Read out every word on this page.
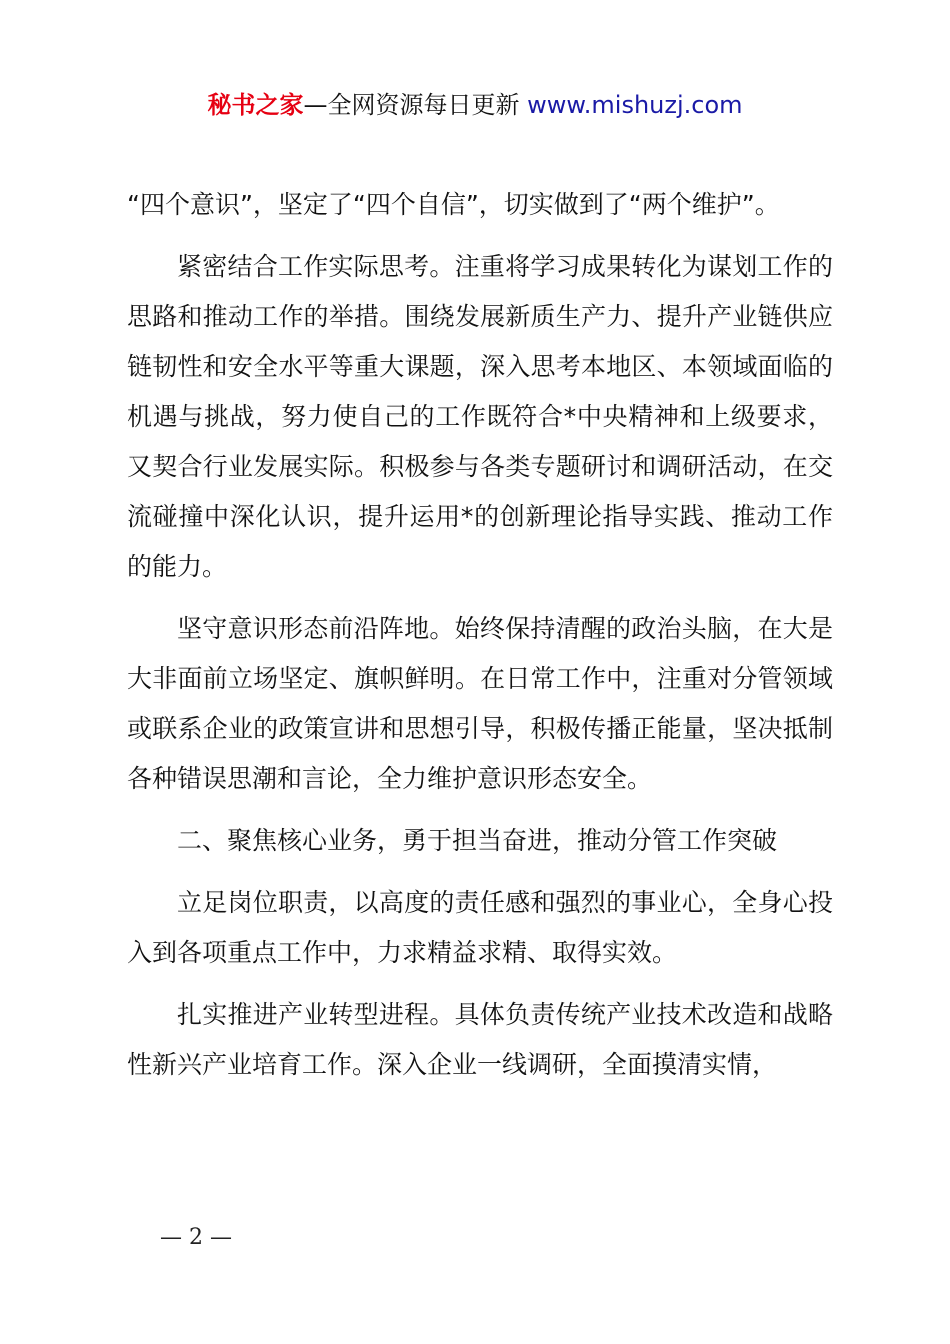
秘书之家—全网资源每日更新 www.mishuzj.com

“四个意识”，坚定了“四个自信”，切实做到了“两个维护”。

紧密结合工作实际思考。注重将学习成果转化为谋划工作的思路和推动工作的举措。围绕发展新质生产力、提升产业链供应链韧性和安全水平等重大课题，深入思考本地区、本领域面临的机遇与挑战，努力使自己的工作既符合*中央精神和上级要求，又契合行业发展实际。积极参与各类专题研讨和调研活动，在交流碰撞中深化认识，提升运用*的创新理论指导实践、推动工作的能力。

坚守意识形态前沿阵地。始终保持清醒的政治头脑，在大是大非面前立场坚定、旗帜鲜明。在日常工作中，注重对分管领域或联系企业的政策宣讲和思想引导，积极传播正能量，坚决抵制各种错误思潮和言论，全力维护意识形态安全。

二、聚焦核心业务，勇于担当奋进，推动分管工作突破

立足岗位职责，以高度的责任感和强烈的事业心，全身心投入到各项重点工作中，力求精益求精、取得实效。

扎实推进产业转型进程。具体负责传统产业技术改造和战略性新兴产业培育工作。深入企业一线调研，全面摸清实情，

— 2 —
